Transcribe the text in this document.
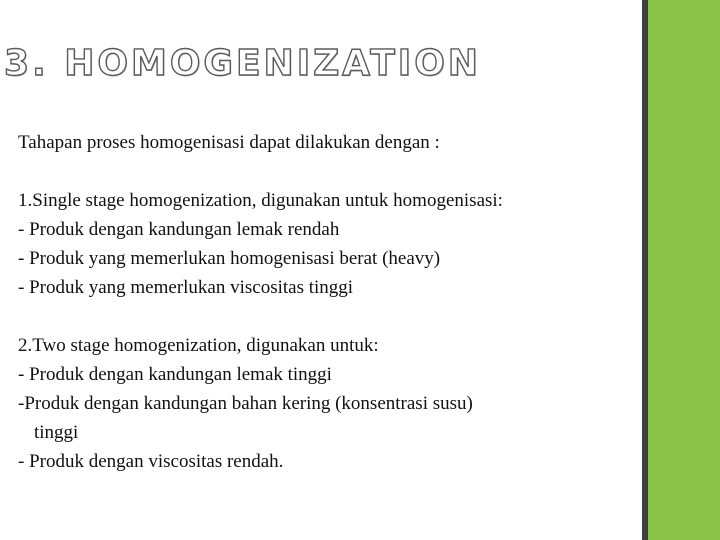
3. HOMOGENIZATION
Tahapan proses homogenisasi dapat dilakukan dengan :
1.Single stage homogenization, digunakan untuk homogenisasi:
- Produk dengan kandungan lemak rendah
- Produk yang memerlukan homogenisasi berat (heavy)
- Produk yang memerlukan viscositas tinggi
2.Two stage homogenization, digunakan untuk:
- Produk dengan kandungan lemak tinggi
-Produk dengan kandungan bahan kering (konsentrasi susu)
tinggi
- Produk dengan viscositas rendah.
